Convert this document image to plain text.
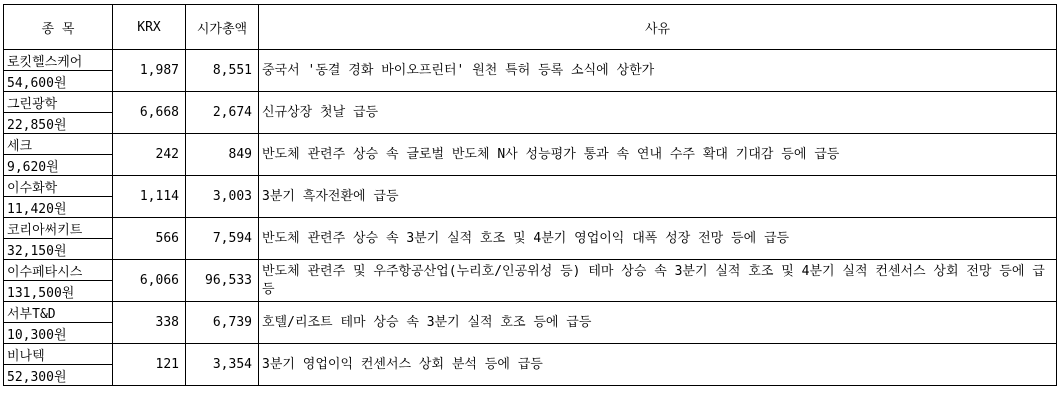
종 목	KRX	시가총액	사유
로킷헬스케어	1,987	8,551	중국서 '동결 경화 바이오프린터' 원천 특허 등록 소식에 상한가
54,600원			
그린광학	6,668	2,674	신규상장 첫날 급등
22,850원			
세크	242	849	반도체 관련주 상승 속 글로벌 반도체 N사 성능평가 통과 속 연내 수주 확대 기대감 등에 급등
9,620원			
이수화학	1,114	3,003	3분기 흑자전환에 급등
11,420원			
코리아써키트	566	7,594	반도체 관련주 상승 속 3분기 실적 호조 및 4분기 영업이익 대폭 성장 전망 등에 급등
32,150원			
이수페타시스	6,066	96,533	반도체 관련주 및 우주항공산업(누리호/인공위성 등) 테마 상승 속 3분기 실적 호조 및 4분기 실적 컨센서스 상회 전망 등에 급등
131,500원			
서부T&D	338	6,739	호텔/리조트 테마 상승 속 3분기 실적 호조 등에 급등
10,300원			
비나텍	121	3,354	3분기 영업이익 컨센서스 상회 분석 등에 급등
52,300원			
